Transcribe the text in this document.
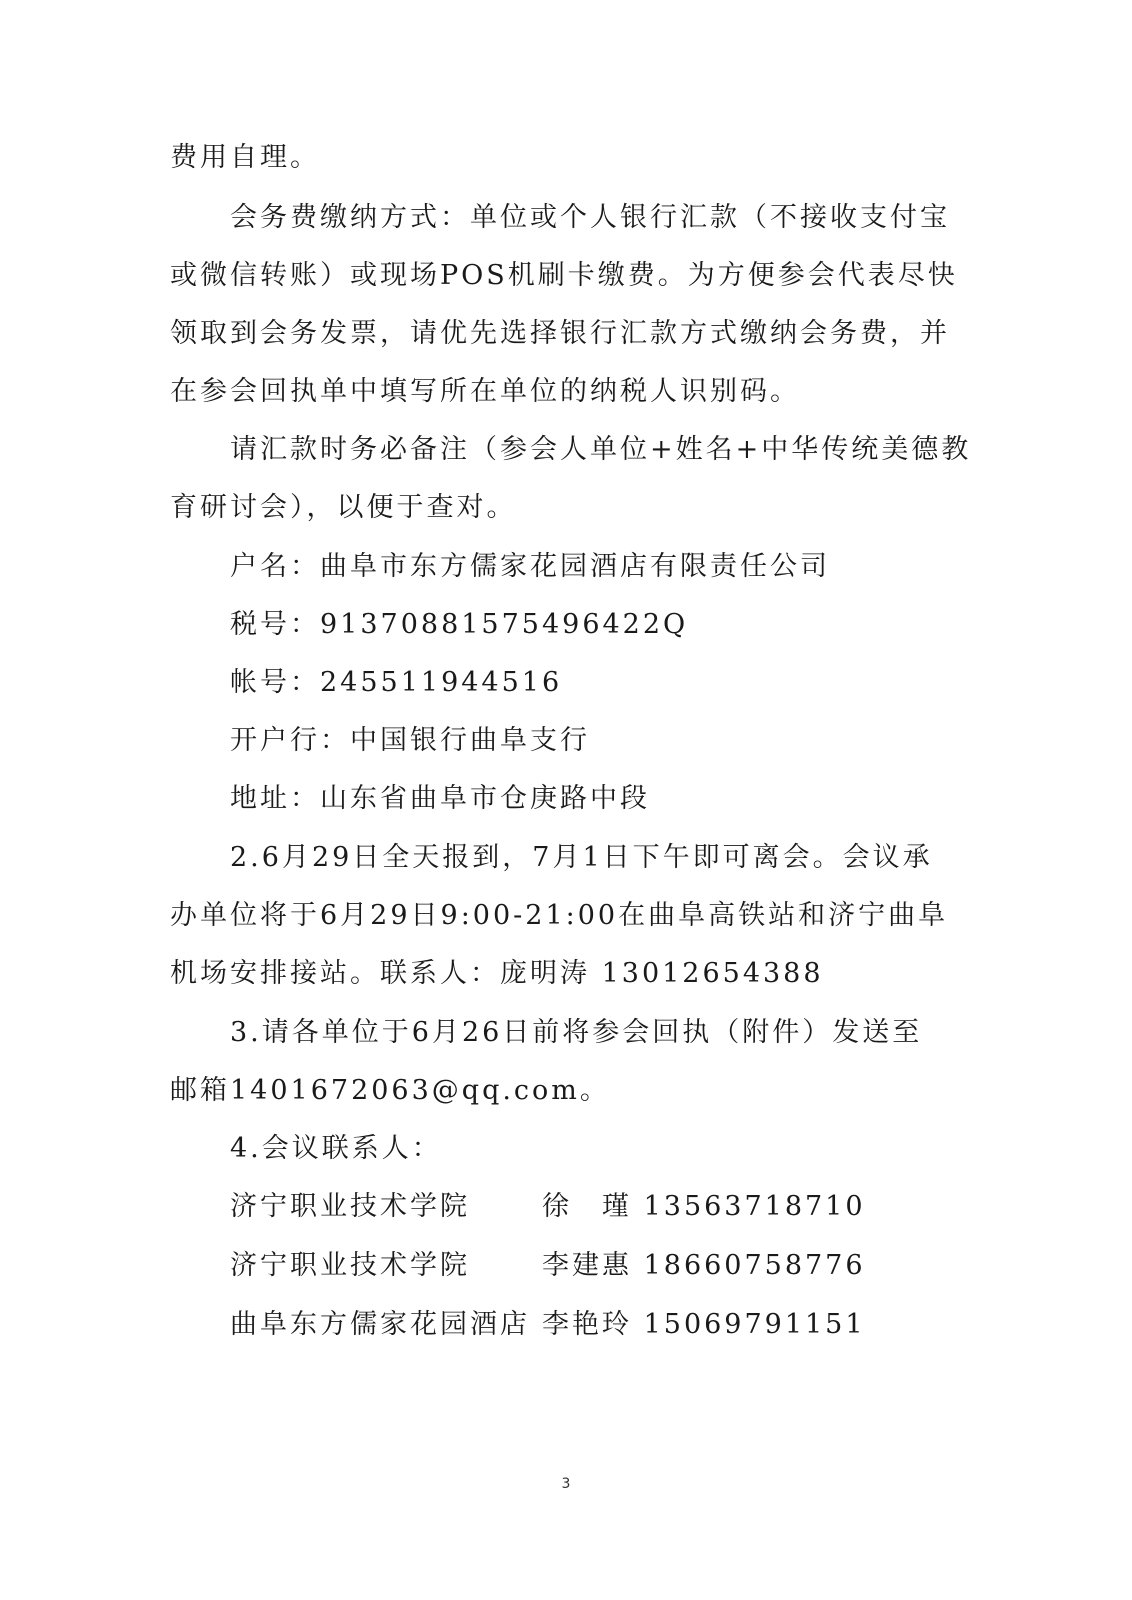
费用自理。
会务费缴纳方式：单位或个人银行汇款（不接收支付宝
或微信转账）或现场POS机刷卡缴费。为方便参会代表尽快
领取到会务发票，请优先选择银行汇款方式缴纳会务费，并
在参会回执单中填写所在单位的纳税人识别码。
请汇款时务必备注（参会人单位+姓名+中华传统美德教
育研讨会），以便于查对。
户名：曲阜市东方儒家花园酒店有限责任公司
税号：91370881575496422Q
帐号：245511944516
开户行：中国银行曲阜支行
地址：山东省曲阜市仓庚路中段
2.6月29日全天报到，7月1日下午即可离会。会议承
办单位将于6月29日9:00-21:00在曲阜高铁站和济宁曲阜
机场安排接站。联系人：庞明涛 13012654388
3.请各单位于6月26日前将参会回执（附件）发送至
邮箱1401672063@qq.com。
4.会议联系人：
济宁职业技术学院	徐　瑾 13563718710
济宁职业技术学院	李建惠 18660758776
曲阜东方儒家花园酒店 李艳玲 15069791151
3
